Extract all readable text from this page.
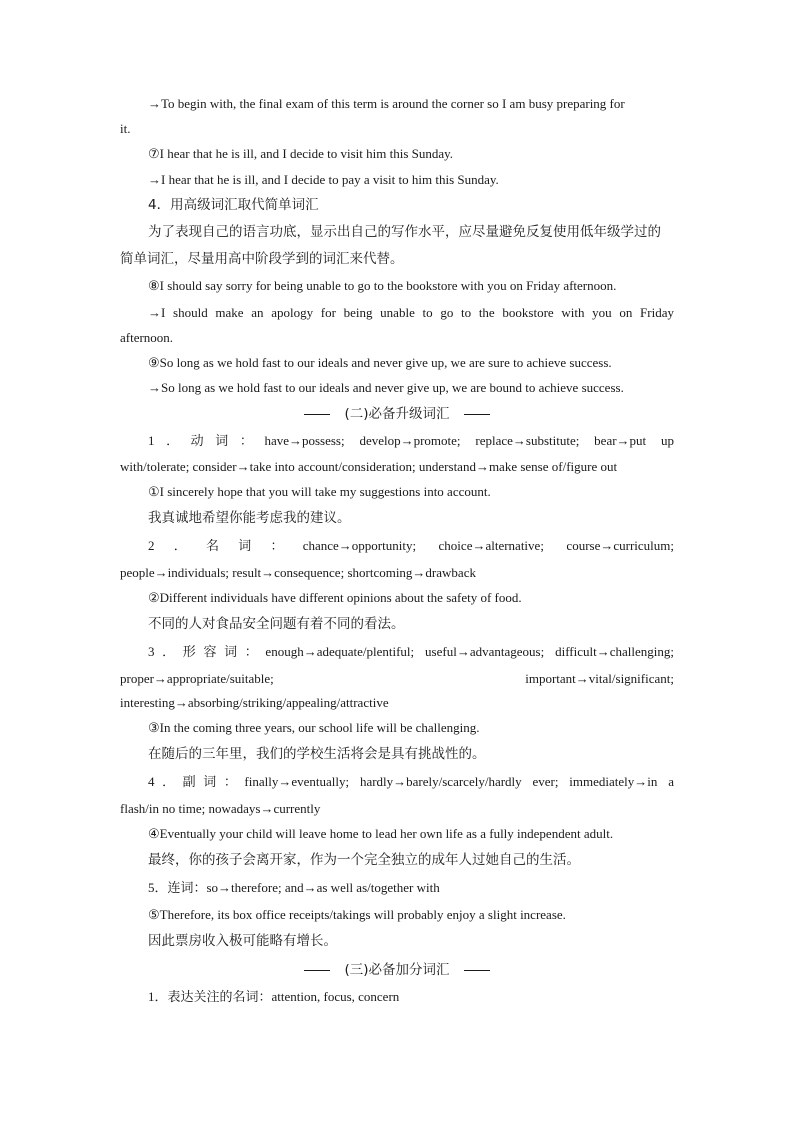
→To begin with, the final exam of this term is around the corner so I am busy preparing for
it.
⑦I hear that he is ill, and I decide to visit him this Sunday.
→I hear that he is ill, and I decide to pay a visit to him this Sunday.
4．用高级词汇取代简单词汇
为了表现自己的语言功底，显示出自己的写作水平，应尽量避免反复使用低年级学过的
简单词汇，尽量用高中阶段学到的词汇来代替。
⑧I should say sorry for being unable to go to the bookstore with you on Friday afternoon.
→I should make an apology for being unable to go to the bookstore with you on Friday
afternoon.
⑨So long as we hold fast to our ideals and never give up, we are sure to achieve success.
→So long as we hold fast to our ideals and never give up, we are bound to achieve success.
(二)必备升级词汇
1．动词：have→possess; develop→promote; replace→substitute; bear→put up
with/tolerate; consider→take into account/consideration; understand→make sense of/figure out
①I sincerely hope that you will take my suggestions into account.
我真诚地希望你能考虑我的建议。
2．名词：chance→opportunity; choice→alternative; course→curriculum;
people→individuals; result→consequence; shortcoming→drawback
②Different individuals have different opinions about the safety of food.
不同的人对食品安全问题有着不同的看法。
3．形容词：enough→adequate/plentiful; useful→advantageous; difficult→challenging;
proper→appropriate/suitable; important→vital/significant;
interesting→absorbing/striking/appealing/attractive
③In the coming three years, our school life will be challenging.
在随后的三年里，我们的学校生活将会是具有挑战性的。
4．副词：finally→eventually; hardly→barely/scarcely/hardly ever; immediately→in a
flash/in no time; nowadays→currently
④Eventually your child will leave home to lead her own life as a fully independent adult.
最终，你的孩子会离开家，作为一个完全独立的成年人过她自己的生活。
5．连词：so→therefore; and→as well as/together with
⑤Therefore, its box office receipts/takings will probably enjoy a slight increase.
因此票房收入极可能略有增长。
(三)必备加分词汇
1．表达关注的名词：attention, focus, concern
